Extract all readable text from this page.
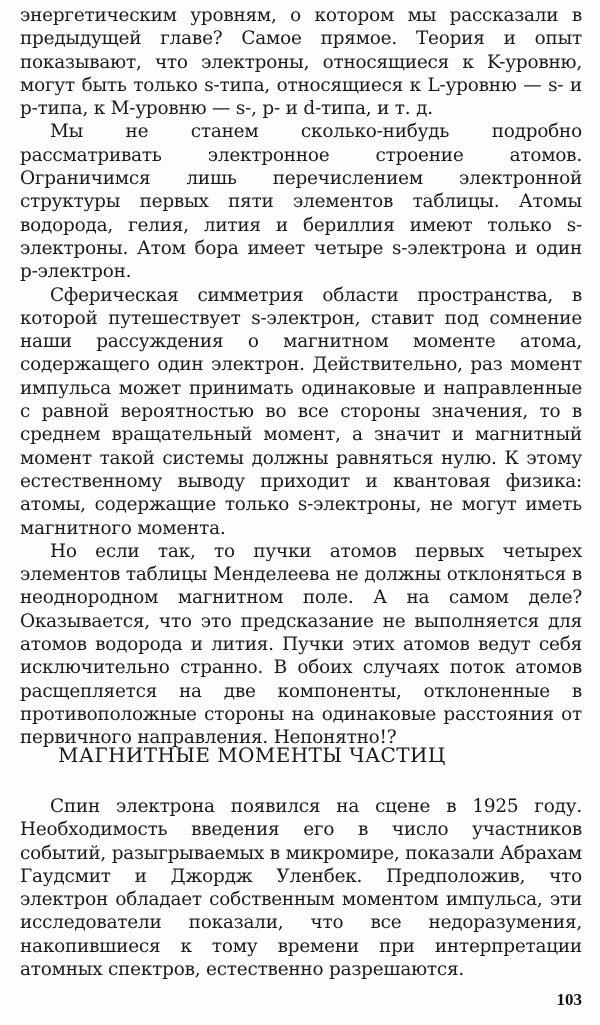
энергетическим уровням, о котором мы рассказали в предыдущей главе? Самое прямое. Теория и опыт показывают, что электроны, относящиеся к K-уровню, могут быть только s-типа, относящиеся к L-уровню — s- и p-типа, к M-уровню — s-, p- и d-типа, и т. д.

Мы не станем сколько-нибудь подробно рассматривать электронное строение атомов. Ограничимся лишь перечислением электронной структуры первых пяти элементов таблицы. Атомы водорода, гелия, лития и бериллия имеют только s-электроны. Атом бора имеет четыре s-электрона и один p-электрон.

Сферическая симметрия области пространства, в которой путешествует s-электрон, ставит под сомнение наши рассуждения о магнитном моменте атома, содержащего один электрон. Действительно, раз момент импульса может принимать одинаковые и направленные с равной вероятностью во все стороны значения, то в среднем вращательный момент, а значит и магнитный момент такой системы должны равняться нулю. К этому естественному выводу приходит и квантовая физика: атомы, содержащие только s-электроны, не могут иметь магнитного момента.

Но если так, то пучки атомов первых четырех элементов таблицы Менделеева не должны отклоняться в неоднородном магнитном поле. А на самом деле? Оказывается, что это предсказание не выполняется для атомов водорода и лития. Пучки этих атомов ведут себя исключительно странно. В обоих случаях поток атомов расщепляется на две компоненты, отклоненные в противоположные стороны на одинаковые расстояния от первичного направления. Непонятно!?

МАГНИТНЫЕ МОМЕНТЫ ЧАСТИЦ

Спин электрона появился на сцене в 1925 году. Необходимость введения его в число участников событий, разыгрываемых в микромире, показали Абрахам Гаудсмит и Джордж Уленбек. Предположив, что электрон обладает собственным моментом импульса, эти исследователи показали, что все недоразумения, накопившиеся к тому времени при интерпретации атомных спектров, естественно разрешаются.

103
